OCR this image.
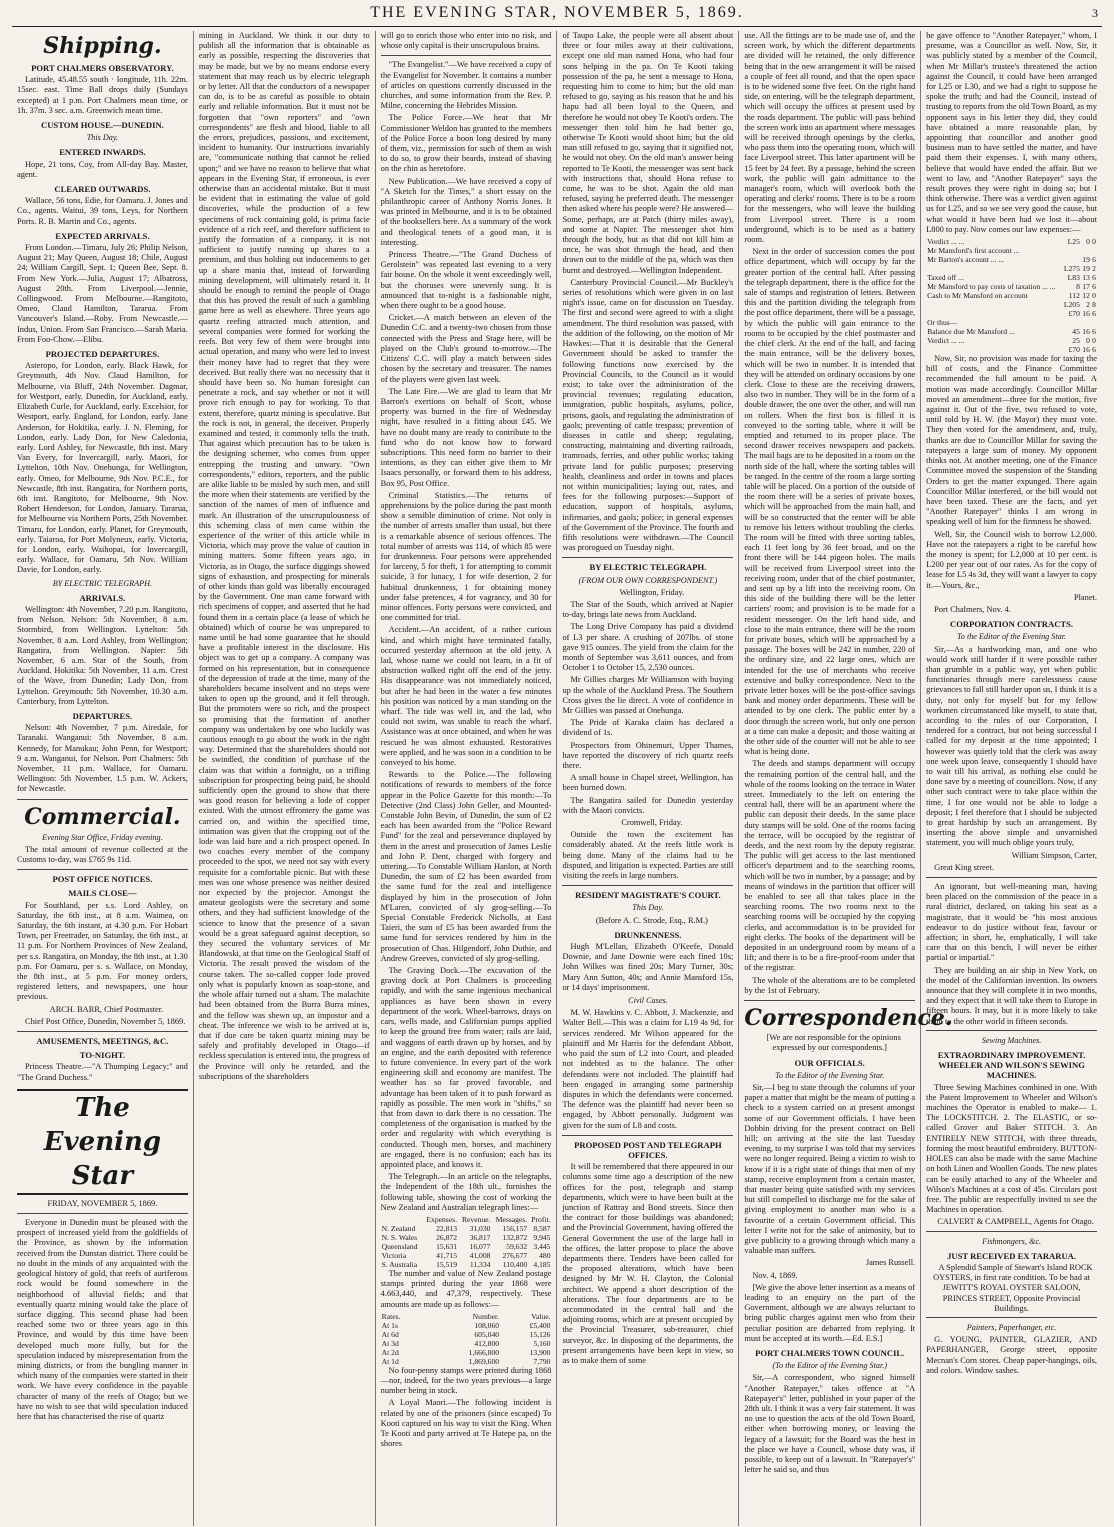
THE EVENING STAR, NOVEMBER 5, 1869.	3
Shipping.
PORT CHALMERS OBSERVATORY.

Latitude, 45.48.55 south · longitude, 11h. 22m. 15sec. east. Time Ball drops daily (Sundays excepted) at 1 p.m. Port Chalmers mean time, or 1h. 37m. 3 sec. a.m. Greenwich mean time.

CUSTOM HOUSE.—DUNEDIN.
This Day.
ENTERED INWARDS.

Hope, 21 tons, Coy, from All-day Bay. Master, agent.

CLEARED OUTWARDS.

Wallace, 56 tons, Edie, for Oamaru. J. Jones and Co., agents. Waitui, 39 tons, Leys, for Northern Ports. R. B. Martin and Co., agents.

EXPECTED ARRIVALS.

From London.—Timaru, July 26; Philip Nelson, August 21; May Queen, August 18; Chile, August 24; William Cargill, Sept. 1; Queen Bee, Sept. 8. From New York.—Julia, August 17; Albatross, August 20th. From Liverpool.—Jennie, Collingwood. From Melbourne.—Rangitoto, Omeo, Claud Hamilton, Tararua. From Vancouver's Island.—Roby. From Newcastle.—Indus, Union. From San Francisco.—Sarah Maria. From Foo-Chow.—Elibu.

PROJECTED DEPARTURES.

Asteropo, for London, early. Black Hawk, for Greymouth, 4th Nov. Claud Hamilton, for Melbourne, via Bluff, 24th November. Dagmar, for Westport, early. Dunedin, for Auckland, early. Elizabeth Curle, for Auckland, early. Excelsior, for Westport, early. England, for London, early. Jane Anderson, for Hokitika, early. J. N. Fleming, for London, early. Lady Don, for New Caledonia, early. Lord Ashley, for Newcastle, 8th inst. Mary Van Every, for Invercargill, early. Maori, for Lyttelton, 10th Nov. Onehunga, for Wellington, early. Omeo, for Melbourne, 9th Nov. P.C.E., for Newcastle, 8th inst. Rangatira, for Northern ports, 6th inst. Rangitoto, for Melbourne, 9th Nov. Robert Henderson, for London, January. Tararua, for Melbourne via Northern Ports, 25th November. Timaru, for London, early. Planet, for Greymouth, early. Taiaroa, for Port Molyneux, early. Victoria, for London, early. Waihopai, for Invercargill, early. Wallace, for Oamaru, 5th Nov. William Davie, for London, early.

BY ELECTRIC TELEGRAPH.
ARRIVALS.

Wellington: 4th November, 7.20 p.m. Rangitoto, from Nelson. Nelson: 5th November, 8 a.m. Stormbird, from Wellington. Lyttelton: 5th November, 8 a.m. Lord Ashley, from Wellington; Rangatira, from Wellington. Napier: 5th November, 6 a.m. Star of the South, from Auckland. Hokitika: 5th November, 11 a.m. Crest of the Wave, from Dunedin; Lady Don, from Lyttelton. Greymouth: 5th November, 10.30 a.m. Canterbury, from Lyttelton.

DEPARTURES.

Nelson: 4th November, 7 p.m. Airedale, for Taranaki. Wanganui: 5th November, 8 a.m. Kennedy, for Manukau; John Penn, for Westport; 9 a.m. Wanganui, for Nelson. Port Chalmers: 5th November, 11 p.m. Wallace, for Oamaru. Wellington: 5th November, 1.5 p.m. W. Ackers, for Newcastle.

Commercial.
Evening Star Office, Friday evening.

The total amount of revenue collected at the Customs to-day, was £765 9s 11d.

POST OFFICE NOTICES.
MAILS CLOSE—

For Southland, per s.s. Lord Ashley, on Saturday, the 6th inst., at 8 a.m. Waimea, on Saturday, the 6th instant, at 4.30 p.m. For Hobart Town, per Freetrader, on Saturday, the 6th inst., at 11 p.m. For Northern Provinces of New Zealand, per s.s. Rangatira, on Monday, the 8th inst., at 1.30 p.m. For Oamaru, per s. s. Wallace, on Monday, the 8th inst., at 5 p.m. For money orders, registered letters, and newspapers, one hour previous.

ARCH. BARR, Chief Postmaster.

Chief Post Office, Dunedin, November 5, 1869.

AMUSEMENTS, MEETINGS, &C.
TO-NIGHT.

Princess Theatre.—"A Thumping Legacy;" and "The Grand Duchess."

The Evening Star
FRIDAY, NOVEMBER 5, 1869.

Everyone in Dunedin must be pleased with the prospect of increased yield from the goldfields of the Province, as shown by the information received from the Dunstan district. There could be no doubt in the minds of any acquainted with the geological history of gold, that reefs of auriferous rock would be found somewhere in the neighborhood of alluvial fields; and that eventually quartz mining would take the place of surface digging. This second phase had been reached some two or three years ago in this Province, and would by this time have been developed much more fully, but for the speculation induced by misrepresentation from the mining districts, or from the bungling manner in which many of the companies were started in their work. We have every confidence in the payable character of many of the reefs of Otago; but we have no wish to see that wild speculation induced here that has characterised the rise of quartz

mining in Auckland. We think it our duty to publish all the information that is obtainable as early as possible, respecting the discoveries that may be made, but we by no means endorse every statement that may reach us by electric telegraph or by letter. All that the conductors of a newspaper can do, is to be as careful as possible to obtain early and reliable information. But it must not be forgotten that "own reporters" and "own correspondents" are flesh and blood, liable to all the errors, prejudices, passions, and excitement, incident to humanity. Our instructions invariably are, "communicate nothing that cannot be relied upon;" and we have no reason to believe that what appears in the Evening Star, if erroneous, is ever otherwise than an accidental mistake. But it must be evident that in estimating the value of gold discoveries, while the production of a few specimens of rock containing gold, is prima facie evidence of a rich reef, and therefore sufficient to justify the formation of a company, it is not sufficient to justify running up shares to a premium, and thus holding out inducements to get up a share mania that, instead of forwarding mining development, will ultimately retard it. It should be enough to remind the people of Otago that this has proved the result of such a gambling game here as well as elsewhere. Three years ago quartz reefing attracted much attention, and several companies were formed for working the reefs. But very few of them were brought into actual operation, and many who were led to invest their money have had to regret that they were deceived. But really there was no necessity that it should have been so. No human foresight can penetrate a rock, and say whether or not it will prove rich enough to pay for working. To that extent, therefore, quartz mining is speculative. But the rock is not, in general, the deceiver. Properly examined and tested, it commonly tells the truth. That against which precaution has to be taken is the designing schemer, who comes from upper entrepping the trusting and unwary. "Own correspondents," editors, reporters, and the public are alike liable to be misled by such men, and still the more when their statements are verified by the sanction of the names of men of influence and mark. An illustration of the unscrupulousness of this scheming class of men came within the experience of the writer of this article while in Victoria, which may prove the value of caution in mining matters. Some fifteen years ago, in Victoria, as in Otago, the surface diggings showed signs of exhaustion, and prospecting for minerals of other kinds than gold was liberally encouraged by the Government. One man came forward with rich specimens of copper, and asserted that he had found them in a certain place (a lease of which he obtained) which of course he was unprepared to name until he had some guarantee that he should have a profitable interest in the disclosure. His object was to get up a company. A company was formed on his representation, but in consequence of the depression of trade at the time, many of the shareholders became insolvent and no steps were taken to open up the ground, and it fell through. But the promoters were so rich, and the prospect so promising that the formation of another company was undertaken by one who luckily was cautious enough to go about the work in the right way. Determined that the shareholders should not be swindled, the condition of purchase of the claim was that within a fortnight, on a trifling subscription for prospecting being paid, he should sufficiently open the ground to show that there was good reason for believing a lode of copper existed. With the utmost effrontery the game was carried on, and within the specified time, intimation was given that the cropping out of the lode was laid bare and a rich prospect opened. In two coaches every member of the company proceeded to the spot, we need not say with every requisite for a comfortable picnic. But with these men was one whose presence was neither desired nor expected by the projector. Amongst the amateur geologists were the secretary and some others, and they had sufficient knowledge of the science to know that the presence of a savan would be a great safeguard against deception, so they secured the voluntary services of Mr Blandowski, at that time on the Geological Staff of Victoria. The result proved the wisdom of the course taken. The so-called copper lode proved only what is popularly known as soap-stone, and the whole affair turned out a sham. The malachite had been obtained from the Burra Burra mines, and the fellow was shewn up, an impostor and a cheat. The inference we wish to be arrived at is, that if due care be taken quartz mining may be safely and profitably developed in Otago—if reckless speculation is entered into, the progress of the Province will only be retarded, and the subscriptions of the shareholders

will go to enrich those who enter into no risk, and whose only capital is their unscrupulous brains.

"The Evangelist."—We have received a copy of the Evangelist for November. It contains a number of articles on questions currently discussed in the churches, and some information from the Rev. P. Milne, concerning the Hebrides Mission.

The Police Force.—We hear that Mr Commissioner Weldon has granted to the members of the Police Force a boon long desired by many of them, viz., permission for such of them as wish to do so, to grow their beards, instead of shaving on the chin as heretofore.

New Publication.—We have received a copy of "A Sketch for the Times," a short essay on the philanthropic career of Anthony Norris Jones. It was printed in Melbourne, and it is to be obtained of the booksellers here. As a summary of the work and theological tenets of a good man, it is interesting.

Princess Theatre.—"The Grand Duchess of Gerolstein" was repeated last evening to a very fair house. On the whole it went exceedingly well, but the choruses were unevenly sung. It is announced that to-night is a fashionable night, when there ought to be a good house.

Cricket.—A match between an eleven of the Dunedin C.C. and a twenty-two chosen from those connected with the Press and Stage here, will be played on the Club's ground to-morrow.—The Citizens' C.C. will play a match between sides chosen by the secretary and treasurer. The names of the players were given last week.

The Late Fire.—We are glad to learn that Mr Barron's exertions on behalf of Scott, whose property was burned in the fire of Wednesday night, have resulted in a fitting about £45. We have no doubt many are ready to contribute to the fund who do not know how to forward subscriptions. This need form no barrier to their intentions, as they can either give them to Mr Isaacs personally, or forward them to his address, Box 95, Post Office.

Criminal Statistics.—The returns of apprehensions by the police during the past month show a sensible diminution of crime. Not only is the number of arrests smaller than usual, but there is a remarkable absence of serious offences. The total number of arrests was 114, of which 85 were for drunkenness. Four persons were apprehended for larceny, 5 for theft, 1 for attempting to commit suicide, 3 for lunacy, 1 for wife desertion, 2 for habitual drunkenness, 1 for obtaining money under false pretences, 4 for vagrancy, and 30 for minor offences. Forty persons were convicted, and one committed for trial.

Accident.—An accident, of a rather curious kind, and which might have terminated fatally, occurred yesterday afternoon at the old jetty. A lad, whose name we could not learn, in a fit of abstraction walked right off the end of the jetty. His disappearance was not immediately noticed, but after he had been in the water a few minutes his position was noticed by a man standing on the wharf. The tide was well in, and the lad, who could not swim, was unable to reach the wharf. Assistance was at once obtained, and when he was rescued he was almost exhausted. Restoratives were applied, and he was soon in a condition to be conveyed to his home.

Rewards to the Police.—The following notifications of rewards to members of the force appear in the Police Gazette for this month:—To Detective (2nd Class) John Geller, and Mounted-Constable John Bevin, of Dunedin, the sum of £2 each has been awarded from the "Police Reward Fund" for the zeal and perseverance displayed by them in the arrest and prosecution of James Leslie and John P. Dent, charged with forgery and uttering.—To Constable William Hanlon, at North Dunedin, the sum of £2 has been awarded from the same fund for the zeal and intelligence displayed by him in the prosecution of John M'Laren, convicted of sly grog-selling.—To Special Constable Frederick Nicholls, at East Taieri, the sum of £5 has been awarded from the same fund for services rendered by him in the prosecution of Chas. Hilgendorf, John Duthie, and Andrew Greeves, convicted of sly grog-selling.

The Graving Dock.—The excavation of the graving dock at Port Chalmers is proceeding rapidly, and with the same ingenious mechanical appliances as have been shown in every department of the work. Wheel-barrows, drays on cars, wells made, and Californian pumps applied to keep the ground free from water; rails are laid, and waggons of earth drawn up by horses, and by an engine, and the earth deposited with reference to future convenience. In every part of the work engineering skill and economy are manifest. The weather has so far proved favorable, and advantage has been taken of it to push forward as rapidly as possible. The men work in "shifts," so that from dawn to dark there is no cessation. The completeness of the organisation is marked by the order and regularity with which everything is conducted. Though men, horses, and machinery are engaged, there is no confusion; each has its appointed place, and knows it.

The Telegraph.—In an article on the telegraphs, the Independent of the 18th ult., furnishes the following table, showing the cost of working the New Zealand and Australian telegraph lines:—

	Expenses.	Revenue.	Messages.	Profit.
N. Zealand	22,813	31,030	156,157	8,587
N. S. Wales	26,872	36,817	132,872	9,945
Queensland	15,631	16,077	59,632	3,445
Victoria	41,715	41,008	276,677	480
S. Australia	15,519	11,334	110,400	4,185

The number and value of New Zealand postage stamps printed during the year 1868 were 4.663,440, and 47,379, respectively. These amounts are made up as follows:—

Rates.	Number.	Value.
At 1s	108,060	£5,400
At 6d	605,040	15,126
At 3d	412,800	5,160
At 2d	1,666,800	13,900
At 1d	1,869,600	7,790

No four-penny stamps were printed during 1868—nor, indeed, for the two years previous—a large number being in stock.

A Loyal Maori.—The following incident is related by one of the prisoners (since escaped) To Kooti captured on his way to visit the King. When Te Kooti and party arrived at Te Hatepe pa, on the shores

of Taupo Lake, the people were all absent about three or four miles away at their cultivations, except one old man named Hona, who had four sons helping in the pa. On Te Kooti taking possession of the pa, he sent a message to Hona, requesting him to come to him; but the old man refused to go, saying as his reason that he and his hapu had all been loyal to the Queen, and therefore he would not obey Te Kooti's orders. The messenger then told him he had better go, otherwise Te Kooti would shoot him; but the old man still refused to go, saying that it signified not, he would not obey. On the old man's answer being reported to Te Kooti, the messenger was sent back with instructions that, should Hona refuse to come, he was to be shot. Again the old man refused, saying he preferred death. The messenger then asked where his people were? He answered—Some, perhaps, are at Patch (thirty miles away), and some at Napier. The messenger shot him through the body, but as that did not kill him at once, he was shot through the head, and then drawn out to the middle of the pa, which was then burnt and destroyed.—Wellington Independent.

Canterbury Provincial Council.—Mr Buckley's series of resolutions which were given in on last night's issue, came on for discussion on Tuesday. The first and second were agreed to with a slight amendment. The third resolution was passed, with the addition of the following, on the motion of Mr Hawkes:—That it is desirable that the General Government should be asked to transfer the following functions now exercised by the Provincial Councils, to the Council as it would exist; to take over the administration of the provincial revenues; regulating education, immigration, public hospitals, asylums, police, prisons, gaols, and regulating the administration of gaols; preventing of cattle trespass; prevention of diseases in cattle and sheep; regulating, constructing, maintaining and diverting railroads, tramroads, ferries, and other public works; taking private land for public purposes; preserving health, cleanliness and order in towns and places not within municipalities; laying out, rates, and fees for the following purposes:—Support of education, support of hospitals, asylums, infirmaries, and gaols; police; in general expenses of the Government of the Province. The fourth and fifth resolutions were withdrawn.—The Council was prorogued on Tuesday night.

BY ELECTRIC TELEGRAPH.
(FROM OUR OWN CORRESPONDENT.)

Wellington, Friday.

The Star of the South, which arrived at Napier to-day, brings late news from Auckland.

The Long Drive Company has paid a dividend of L3 per share. A crushing of 207lbs. of stone gave 915 ounces. The yield from the claim for the month of September was 3,611 ounces, and from October 1 to October 15, 2,530 ounces.

Mr Gillies charges Mr Williamson with buying up the whole of the Auckland Press. The Southern Cross gives the lie direct. A vote of confidence in Mr Gillies was passed at Onehunga.

The Pride of Karaka claim has declared a dividend of 1s.

Prospectors from Ohinemuri, Upper Thames, have reported the discovery of rich quartz reefs there.

A small house in Chapel street, Wellington, has been burned down.

The Rangatira sailed for Dunedin yesterday with the Maori convicts.

Cromwell, Friday.

Outside the town the excitement has considerably abated. At the reefs little work is being done. Many of the claims had to be disputed, and litigation is expected. Parties are still visiting the reefs in large numbers.

RESIDENT MAGISTRATE'S COURT.
This Day.

(Before A. C. Strode, Esq., R.M.)

DRUNKENNESS.

Hugh M'Lellan, Elizabeth O'Keefe, Donald Downie, and Jane Downie were each fined 10s; John Wilkes was fined 20s; Mary Turner, 30s; Mary Ann Sutton, 40s; and Annie Mansford 15s, or 14 days' imprisonment.

Civil Cases.

M. W. Hawkins v. C. Abbott, J. Mackenzie, and Walter Bell.—This was a claim for L19 4s 9d, for services rendered. Mr Wilson appeared for the plaintiff and Mr Harris for the defendant Abbott, who paid the sum of L2 into Court, and pleaded not indebted as to the balance. The other defendants were not included. The plaintiff had been engaged in arranging some partnership disputes in which the defendants were concerned. The defence was the plaintiff had never been so engaged, by Abbott personally. Judgment was given for the sum of L8 and costs.

PROPOSED POST AND TELEGRAPH OFFICES.

It will be remembered that there appeared in our columns some time ago a description of the new offices for the post, telegraph and stamp departments, which were to have been built at the junction of Rattray and Bond streets. Since then the contract for those buildings was abandoned; and the Provincial Government, having offered the General Government the use of the large hall in the offices, the latter propose to place the above departments there. Tenders have been called for the proposed alterations, which have been designed by Mr W. H. Clayton, the Colonial architect. We append a short description of the alterations. The four departments are to be accommodated in the central hall and the adjoining rooms, which are at present occupied by the Provincial Treasurer, sub-treasurer, chief surveyor, &c. In disposing of the departments, the present arrangements have been kept in view, so as to make them of some

use. All the fittings are to be made use of, and the screen work, by which the different departments are divided will be retained, the only difference being that in the new arrangement it will be raised a couple of feet all round, and that the open space is to be widened some five feet. On the right hand side, on entering, will be the telegraph department, which will occupy the offices at present used by the roads department. The public will pass behind the screen work into an apartment where messages will be received through openings by the clerks, who pass them into the operating room, which will face Liverpool street. This latter apartment will be 15 feet by 24 feet. By a passage, behind the screen work, the public will gain admittance to the manager's room, which will overlook both the operating and clerks' rooms. There is to be a room for the messengers, who will leave the building from Liverpool street. There is a room underground, which is to be used as a battery room.

Next in the order of succession comes the post office department, which will occupy by far the greater portion of the central hall. After passing the telegraph department, there is the office for the sale of stamps and registration of letters. Between this and the partition dividing the telegraph from the post office department, there will be a passage, by which the public will gain entrance to the rooms to be occupied by the chief postmaster and the chief clerk. At the end of the hall, and facing the main entrance, will be the delivery boxes, which will be two in number. It is intended that they will be attended on ordinary occasions by one clerk. Close to these are the receiving drawers, also two in number. They will be in the form of a double drawer, the one over the other, and will run on rollers. When the first box is filled it is conveyed to the sorting table, where it will be emptied and returned to its proper place. The second drawer receives newspapers and packets. The mail bags are to be deposited in a room on the north side of the hall, where the sorting tables will be ranged. In the centre of the room a large sorting table will be placed. On a portion of the outside of the room there will be a series of private boxes, which will be approached from the main hall, and will be so constructed that the renter will be able to remove his letters without troubling the clerks. The room will be fitted with three sorting tables, each 11 feet long by 36 feet broad, and on the front there will be 144 pigeon holes. The mails will be received from Liverpool street into the receiving room, under that of the chief postmaster, and sent up by a lift into the receiving room. On this side of the building there will be the letter carriers' room; and provision is to be made for a resident messenger. On the left hand side, and close to the main entrance, there will be the room for private boxes, which will be approached by a passage. The boxes will be 242 in number, 220 of the ordinary size, and 22 large ones, which are intended for the use of merchants who receive extensive and bulky correspondence. Next to the private letter boxes will be the post-office savings bank and money order departments. These will be attended to by one clerk. The public enter by a door through the screen work, but only one person at a time can make a deposit; and those waiting at the other side of the counter will not be able to see what is being done.

The deeds and stamps department will occupy the remaining portion of the central hall, and the whole of the rooms looking on the terrace in Water street. Immediately to the left on entering the central hall, there will be an apartment where the public can deposit their deeds. In the same place duty stamps will be sold. One of the rooms facing the terrace, will be occupied by the registrar of deeds, and the next room by the deputy registrar. The public will get access to the last mentioned officer's department and to the searching rooms, which will be two in number, by a passage; and by means of windows in the partition that officer will be enabled to see all that takes place in the searching rooms. The two rooms next to the searching rooms will be occupied by the copying clerks, and accommodation is to be provided for eight clerks. The books of the department will be deposited in an underground room by means of a lift; and there is to be a fire-proof-room under that of the registrar.

The whole of the alterations are to be completed by the 1st of February.

Correspondence.

[We are not responsible for the opinions expressed by our correspondents.]

OUR OFFICIALS.
To the Editor of the Evening Star.

Sir,—I beg to state through the columns of your paper a matter that might be the means of putting a check to a system carried on at present amongst some of our Government officials. I have been Dobbin driving for the present contract on Bell hill; on arriving at the site the last Tuesday evening, to my surprise I was told that my services were no longer required. Being a victim to wish to know if it is a right state of things that men of my stamp, receive employment from a certain master, that master being quite satisfied with my services but still compelled to discharge me for the sake of giving employment to another man who is a favourite of a certain Government official. This letter I write not for the sake of animosity, but to give publicity to a growing through which many a valuable man suffers.

James Russell.

Nov. 4, 1869.

[We give the above letter insertion as a means of leading to an enquiry on the part of the Government, although we are always reluctant to bring public charges against men who from their peculiar position are debarred from replying. It must be accepted at its worth.—Ed. E.S.]

PORT CHALMERS TOWN COUNCIL.
(To the Editor of the Evening Star.)

Sir,—A correspondent, who signed himself "Another Ratepayer," takes offence at "A Ratepayer's" letter, published in your paper of the 28th ult. I think it was a very fair statement. It was no use to question the acts of the old Town Board, either when borrowing money, or leaving the legacy of a lawsuit; for the Board was the best in the place we have a Council, whose duty was, if possible, to keep out of a lawsuit. In "Ratepayer's" letter he said so, and thus

he gave offence to "Another Ratepayer," whom, I presume, was a Councillor as well. Now, Sir, it was publicly stated by a member of the Council, when Mr Millar's trustee's threatened the action against the Council, it could have been arranged for L25 or L30, and we had a right to suppose he spoke the truth; and had the Council, instead of trusting to reports from the old Town Board, as my opponent says in his letter they did, they could have obtained a more reasonable plan, by appointing that councillor and another good business man to have settled the matter, and have paid them their expenses. I, with many others, believe that would have ended the affair. But we went to law, and "Another Ratepayer" says the result proves they were right in doing so; but I think otherwise. There was a verdict given against us for L25, and so we see very good the cause, but what would it have been had we lost it—about L800 to pay. Now comes our law expenses:—

Verdict ... ...	L25	0	0
Mr Mansford's first account ...			
Mr Barton's account ... ...		19	6
	L275	19	2
Taxed off ...	L83	13	6
Mr Mansford to pay costs of taxation ... ...	8	17	6
Cash to Mr Mansford on account	112	12	0
	L205	2	8
	£70	16	6
Or thus—			
Balance due Mr Mansford ...	45	16	6
Verdict ... ...	25	0	0
	£70	16	6

Now, Sir, no provision was made for taxing the bill of costs, and the Finance Committee recommended the full amount to be paid. A motion was made accordingly. Councillor Millar moved an amendment—three for the motion, five against it. Out of the five, two refused to vote, until told by H. W. (the Mayor) they must vote. They then voted for the amendment, and, truly, thanks are due to Councillor Millar for saving the ratepayers a large sum of money. My opponent thinks not. At another meeting, one of the Finance Committee moved the suspension of the Standing Orders to get the matter expunged. There again Councillor Millar interfered, or the bill would not have been taxed. These are the facts, and yet "Another Ratepayer" thinks I am wrong in speaking well of him for the firmness he showed.

Well, Sir, the Council wish to borrow L2,000. Have not the ratepayers a right to be careful how the money is spent; for L2,000 at 10 per cent. is L200 per year out of our rates. As for the copy of lease for L5 4s 3d, they will want a lawyer to copy it.—Yours, &c.,

Planet.

Port Chalmers, Nov. 4.

CORPORATION CONTRACTS.
To the Editor of the Evening Star.

Sir,—As a hardworking man, and one who would work still harder if it were possible rather than grumble in a public way, yet when public functionaries through mere carelessness cause grievances to fall still harder upon us, I think it is a duty, not only for myself but for my fellow workmen circumstanced like myself, to state that, according to the rules of our Corporation, I tendered for a contract, but not being successful I called for my deposit at the time appointed; I however was quietly told that the clerk was away one week upon leave, consequently I should have to wait till his arrival, as nothing else could be done save by a meeting of councillors. Now, if any other such contract were to take place within the time, I for one would not be able to lodge a deposit; I feel therefore that I should be subjected to great hardship by such an arrangement. By inserting the above simple and unvarnished statement, you will much oblige yours truly,

William Simpson, Carter,

Great King street.

An ignorant, but well-meaning man, having been placed on the commission of the peace in a rural district, declared, on taking his seat as a magistrate, that it would be "his most anxious endeavor to do justice without fear, favour or affection; in short, he, emphatically, I will take care that on this bench, I will never be either partial or impartial."

They are building an air ship in New York, on the model of the Californian invention. Its owners announce that they will complete it in two months, and they expect that it will take them to Europe in fifteen hours. It may, but it is more likely to take them to the other world in fifteen seconds.

Sewing Machines.
EXTRAORDINARY IMPROVEMENT. WHEELER AND WILSON'S SEWING MACHINES.

Three Sewing Machines combined in one. With the Patent Improvement to Wheeler and Wilson's machines the Operator is enabled to make— 1. The LOCKSTITCH. 2. The ELASTIC, or so-called Grover and Baker STITCH. 3. An ENTIRELY NEW STITCH, with three threads, forming the most beautiful embroidery. BUTTON-HOLES can also be made with the same Machine on both Linen and Woollen Goods. The new plates can be easily attached to any of the Wheeler and Wilson's Machines at a cost of 45s. Circulars post free. The public are respectfully invited to see the Machines in operation.

CALVERT & CAMPBELL, Agents for Otago.

Fishmongers, &c.
JUST RECEIVED EX TARARUA.

A Splendid Sample of Stewart's Island ROCK OYSTERS, in first rate condition. To be had at JEWITT'S ROYAL OYSTER SALOON, PRINCES STREET, Opposite Provincial Buildings.

Painters, Paperhanger, etc.

G. YOUNG, PAINTER, GLAZIER, AND PAPERHANGER, George street, opposite Mecnan's Corn stores. Cheap paper-hangings, oils, and colors. Window sashes.
